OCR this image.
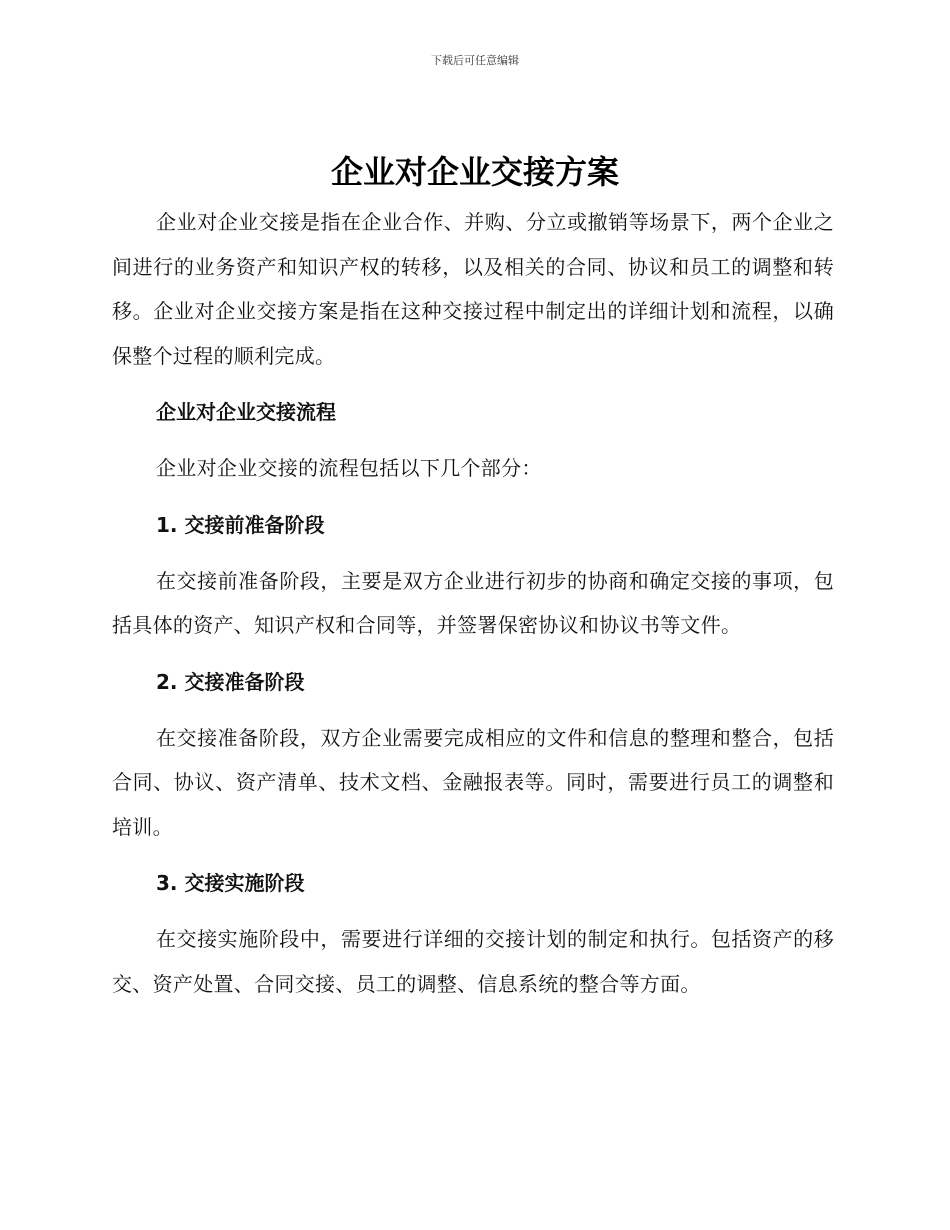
下载后可任意编辑
企业对企业交接方案

企业对企业交接是指在企业合作、并购、分立或撤销等场景下，两个企业之间进行的业务资产和知识产权的转移，以及相关的合同、协议和员工的调整和转移。企业对企业交接方案是指在这种交接过程中制定出的详细计划和流程，以确保整个过程的顺利完成。

企业对企业交接流程

企业对企业交接的流程包括以下几个部分：

1. 交接前准备阶段

在交接前准备阶段，主要是双方企业进行初步的协商和确定交接的事项，包括具体的资产、知识产权和合同等，并签署保密协议和协议书等文件。

2. 交接准备阶段

在交接准备阶段，双方企业需要完成相应的文件和信息的整理和整合，包括合同、协议、资产清单、技术文档、金融报表等。同时，需要进行员工的调整和培训。

3. 交接实施阶段

在交接实施阶段中，需要进行详细的交接计划的制定和执行。包括资产的移交、资产处置、合同交接、员工的调整、信息系统的整合等方面。
